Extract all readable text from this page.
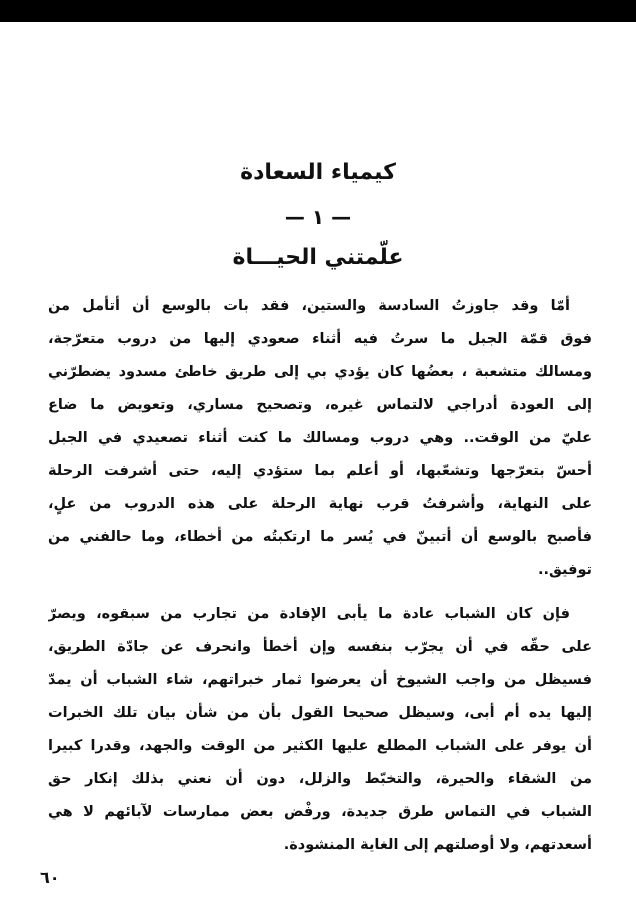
كيمياء السعادة
— ١ —
علّمتني الحيـــاة
أمّا وقد جاوزتُ السادسة والستين، فقد بات بالوسع أن أتأمل من
فوق قمّة الجبل ما سرتُ فيه أثناء صعودي إليها من دروب متعرّجة،
ومسالك متشعبة ، بعضُها كان يؤدي بي إلى طريق خاطئ مسدود يضطرّني
إلى العودة أدراجي لالتماس غيره، وتصحيح مساري، وتعويض ما ضاع
عليّ من الوقت.. وهي دروب ومسالك ما كنت أثناء تصعيدي في الجبل
أحسّ بتعرّجها وتشعّبها، أو أعلم بما ستؤدي إليه، حتى أشرفت الرحلة
على النهاية، وأشرفتُ قرب نهاية الرحلة على هذه الدروب من علٍ،
فأصبح بالوسع أن أتبينّ في يُسر ما ارتكبتُه من أخطاء، وما حالفني من
توفيق..
فإن كان الشباب عادة ما يأبى الإفادة من تجارب من سبقوه، ويصرّ
على حقّه في أن يجرّب بنفسه وإن أخطأ وانحرف عن جادّة الطريق،
فسيظل من واجب الشيوخ أن يعرضوا ثمار خبراتهم، شاء الشباب أن يمدّ
إليها يده أم أبى، وسيظل صحيحا القول بأن من شأن بيان تلك الخبرات
أن يوفر على الشباب المطلع عليها الكثير من الوقت والجهد، وقدرا كبيرا
من الشقاء والحيرة، والتخبّط والزلل، دون أن نعني بذلك إنكار حق
الشباب في التماس طرق جديدة، ورفْض بعض ممارسات لآبائهم لا هي
أسعدتهم، ولا أوصلتهم إلى الغاية المنشودة.
٦٠
